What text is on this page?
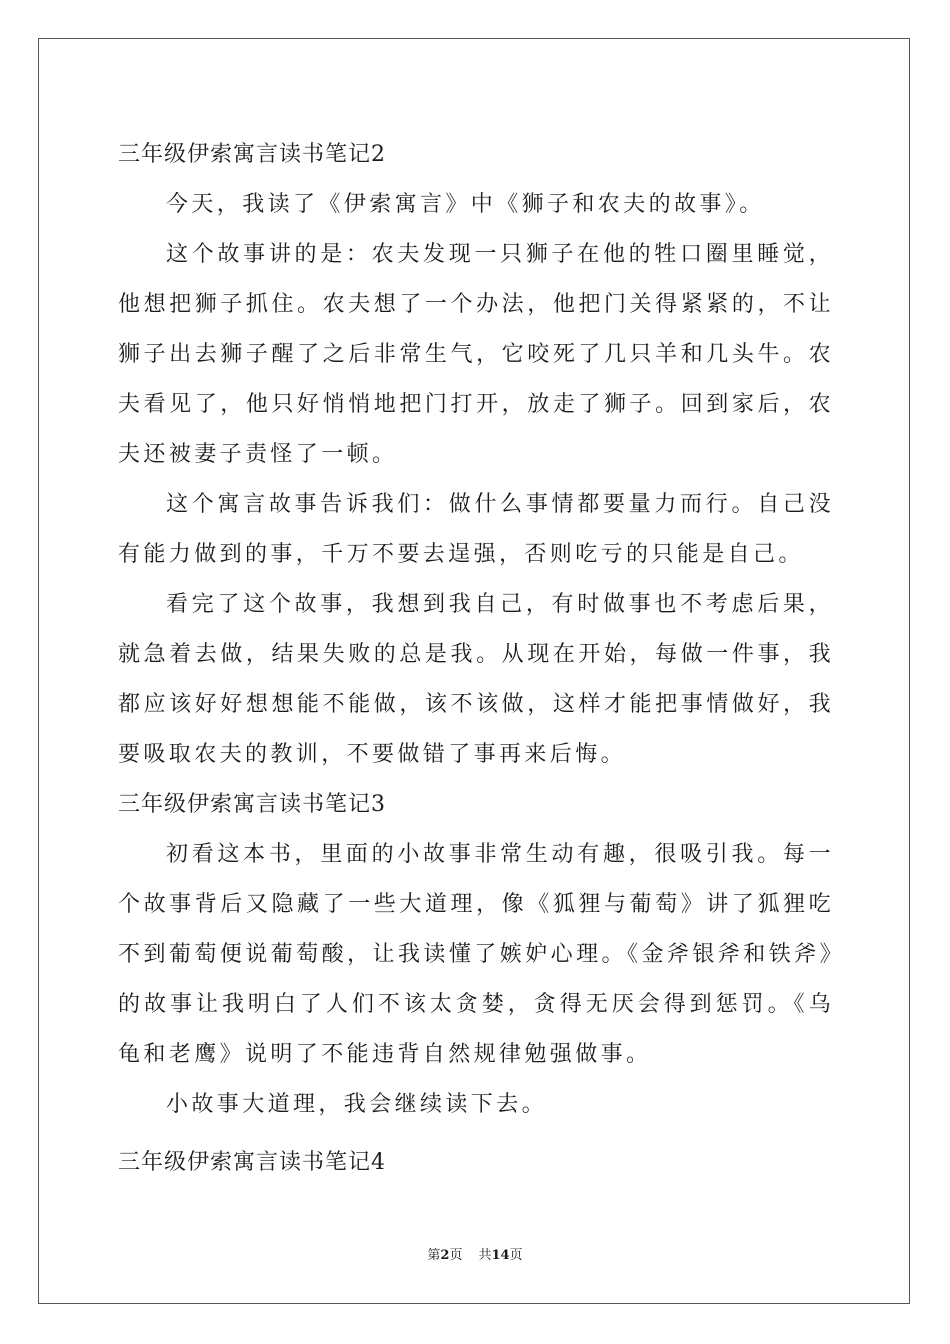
三年级伊索寓言读书笔记2

今天，我读了《伊索寓言》中《狮子和农夫的故事》。

这个故事讲的是：农夫发现一只狮子在他的牲口圈里睡觉，他想把狮子抓住。农夫想了一个办法，他把门关得紧紧的，不让狮子出去狮子醒了之后非常生气，它咬死了几只羊和几头牛。农夫看见了，他只好悄悄地把门打开，放走了狮子。回到家后，农夫还被妻子责怪了一顿。

这个寓言故事告诉我们：做什么事情都要量力而行。自己没有能力做到的事，千万不要去逞强，否则吃亏的只能是自己。

看完了这个故事，我想到我自己，有时做事也不考虑后果，就急着去做，结果失败的总是我。从现在开始，每做一件事，我都应该好好想想能不能做，该不该做，这样才能把事情做好，我要吸取农夫的教训，不要做错了事再来后悔。

三年级伊索寓言读书笔记3

初看这本书，里面的小故事非常生动有趣，很吸引我。每一个故事背后又隐藏了一些大道理，像《狐狸与葡萄》讲了狐狸吃不到葡萄便说葡萄酸，让我读懂了嫉妒心理。《金斧银斧和铁斧》的故事让我明白了人们不该太贪婪，贪得无厌会得到惩罚。《乌龟和老鹰》说明了不能违背自然规律勉强做事。

小故事大道理，我会继续读下去。

三年级伊索寓言读书笔记4
第2页 共14页
